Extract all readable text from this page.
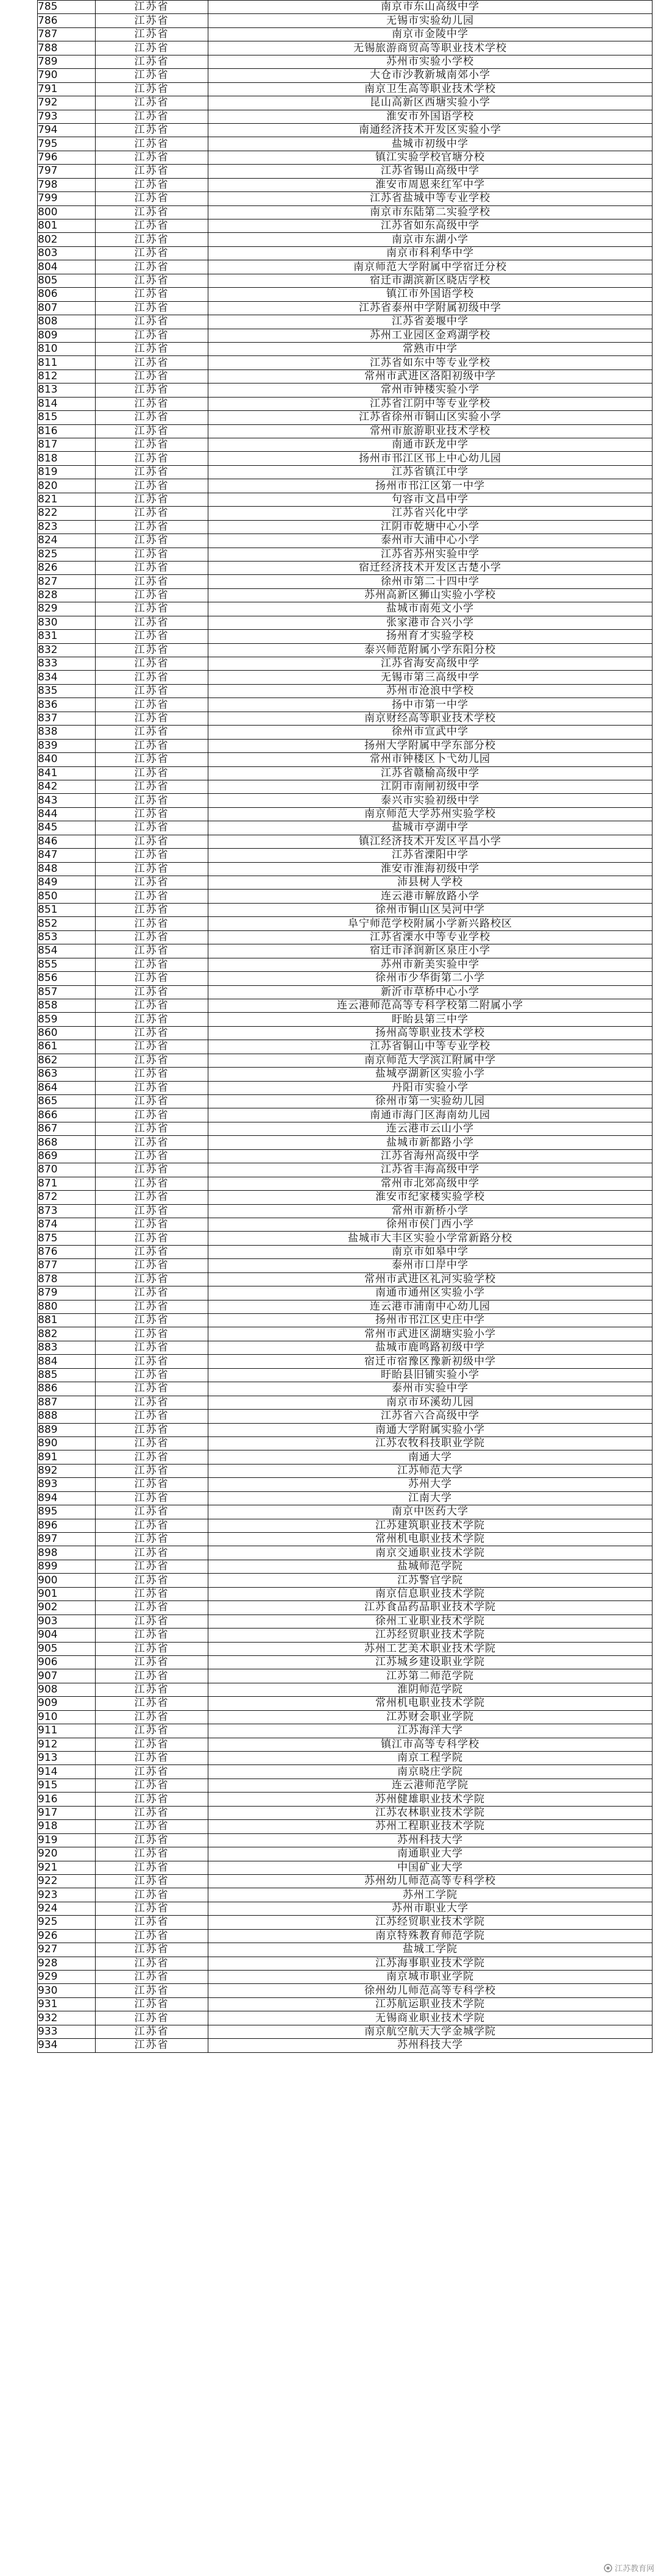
785	江苏省	南京市东山高级中学
786	江苏省	无锡市实验幼儿园
787	江苏省	南京市金陵中学
788	江苏省	无锡旅游商贸高等职业技术学校
789	江苏省	苏州市实验小学校
790	江苏省	大仓市沙教新城南郊小学
791	江苏省	南京卫生高等职业技术学校
792	江苏省	昆山高新区西塘实验小学
793	江苏省	淮安市外国语学校
794	江苏省	南通经济技术开发区实验小学
795	江苏省	盐城市初级中学
796	江苏省	镇江实验学校官塘分校
797	江苏省	江苏省锡山高级中学
798	江苏省	淮安市周恩来红军中学
799	江苏省	江苏省盐城中等专业学校
800	江苏省	南京市东陆第二实验学校
801	江苏省	江苏省如东高级中学
802	江苏省	南京市东湖小学
803	江苏省	南京市科利华中学
804	江苏省	南京师范大学附属中学宿迁分校
805	江苏省	宿迁市湖滨新区晓店学校
806	江苏省	镇江市外国语学校
807	江苏省	江苏省泰州中学附属初级中学
808	江苏省	江苏省姜堰中学
809	江苏省	苏州工业园区金鸡湖学校
810	江苏省	常熟市中学
811	江苏省	江苏省如东中等专业学校
812	江苏省	常州市武进区洛阳初级中学
813	江苏省	常州市钟楼实验小学
814	江苏省	江苏省江阴中等专业学校
815	江苏省	江苏省徐州市铜山区实验小学
816	江苏省	常州市旅游职业技术学校
817	江苏省	南通市跃龙中学
818	江苏省	扬州市邗江区邗上中心幼儿园
819	江苏省	江苏省镇江中学
820	江苏省	扬州市邗江区第一中学
821	江苏省	句容市文昌中学
822	江苏省	江苏省兴化中学
823	江苏省	江阴市乾塘中心小学
824	江苏省	泰州市大浦中心小学
825	江苏省	江苏省苏州实验中学
826	江苏省	宿迁经济技术开发区古楚小学
827	江苏省	徐州市第二十四中学
828	江苏省	苏州高新区狮山实验小学校
829	江苏省	盐城市南苑文小学
830	江苏省	张家港市合兴小学
831	江苏省	扬州育才实验学校
832	江苏省	泰兴师范附属小学东阳分校
833	江苏省	江苏省海安高级中学
834	江苏省	无锡市第三高级中学
835	江苏省	苏州市沧浪中学校
836	江苏省	扬中市第一中学
837	江苏省	南京财经高等职业技术学校
838	江苏省	徐州市宣武中学
839	江苏省	扬州大学附属中学东部分校
840	江苏省	常州市钟楼区卜弋幼儿园
841	江苏省	江苏省赣榆高级中学
842	江苏省	江阴市南闸初级中学
843	江苏省	泰兴市实验初级中学
844	江苏省	南京师范大学苏州实验学校
845	江苏省	盐城市亭湖中学
846	江苏省	镇江经济技术开发区平昌小学
847	江苏省	江苏省溧阳中学
848	江苏省	淮安市淮海初级中学
849	江苏省	沛县树人学校
850	江苏省	连云港市解放路小学
851	江苏省	徐州市铜山区吴河中学
852	江苏省	阜宁师范学校附属小学新兴路校区
853	江苏省	江苏省溧水中等专业学校
854	江苏省	宿迁市泽润新区泉庄小学
855	江苏省	苏州市新美实验中学
856	江苏省	徐州市少华街第二小学
857	江苏省	新沂市草桥中心小学
858	江苏省	连云港师范高等专科学校第二附属小学
859	江苏省	盱眙县第三中学
860	江苏省	扬州高等职业技术学校
861	江苏省	江苏省铜山中等专业学校
862	江苏省	南京师范大学滨江附属中学
863	江苏省	盐城亭湖新区实验小学
864	江苏省	丹阳市实验小学
865	江苏省	徐州市第一实验幼儿园
866	江苏省	南通市海门区海南幼儿园
867	江苏省	连云港市云山小学
868	江苏省	盐城市新都路小学
869	江苏省	江苏省海州高级中学
870	江苏省	江苏省丰海高级中学
871	江苏省	常州市北郊高级中学
872	江苏省	淮安市纪家楼实验学校
873	江苏省	常州市新桥小学
874	江苏省	徐州市侯门西小学
875	江苏省	盐城市大丰区实验小学常新路分校
876	江苏省	南京市如皋中学
877	江苏省	泰州市口岸中学
878	江苏省	常州市武进区礼河实验学校
879	江苏省	南通市通州区实验小学
880	江苏省	连云港市浦南中心幼儿园
881	江苏省	扬州市邗江区史庄中学
882	江苏省	常州市武进区湖塘实验小学
883	江苏省	盐城市鹿鸣路初级中学
884	江苏省	宿迁市宿豫区豫新初级中学
885	江苏省	盱眙县旧铺实验小学
886	江苏省	泰州市实验中学
887	江苏省	南京市环溪幼儿园
888	江苏省	江苏省六合高级中学
889	江苏省	南通大学附属实验小学
890	江苏省	江苏农牧科技职业学院
891	江苏省	南通大学
892	江苏省	江苏师范大学
893	江苏省	苏州大学
894	江苏省	江南大学
895	江苏省	南京中医药大学
896	江苏省	江苏建筑职业技术学院
897	江苏省	常州机电职业技术学院
898	江苏省	南京交通职业技术学院
899	江苏省	盐城师范学院
900	江苏省	江苏警官学院
901	江苏省	南京信息职业技术学院
902	江苏省	江苏食品药品职业技术学院
903	江苏省	徐州工业职业技术学院
904	江苏省	江苏经贸职业技术学院
905	江苏省	苏州工艺美术职业技术学院
906	江苏省	江苏城乡建设职业学院
907	江苏省	江苏第二师范学院
908	江苏省	淮阴师范学院
909	江苏省	常州机电职业技术学院
910	江苏省	江苏财会职业学院
911	江苏省	江苏海洋大学
912	江苏省	镇江市高等专科学校
913	江苏省	南京工程学院
914	江苏省	南京晓庄学院
915	江苏省	连云港师范学院
916	江苏省	苏州健雄职业技术学院
917	江苏省	江苏农林职业技术学院
918	江苏省	苏州工程职业技术学院
919	江苏省	苏州科技大学
920	江苏省	南通职业大学
921	江苏省	中国矿业大学
922	江苏省	苏州幼儿师范高等专科学校
923	江苏省	苏州工学院
924	江苏省	苏州市职业大学
925	江苏省	江苏经贸职业技术学院
926	江苏省	南京特殊教育师范学院
927	江苏省	盐城工学院
928	江苏省	江苏海事职业技术学院
929	江苏省	南京城市职业学院
930	江苏省	徐州幼儿师范高等专科学校
931	江苏省	江苏航运职业技术学院
932	江苏省	无锡商业职业技术学院
933	江苏省	南京航空航天大学金城学院
934	江苏省	苏州科技大学
江苏教育网
